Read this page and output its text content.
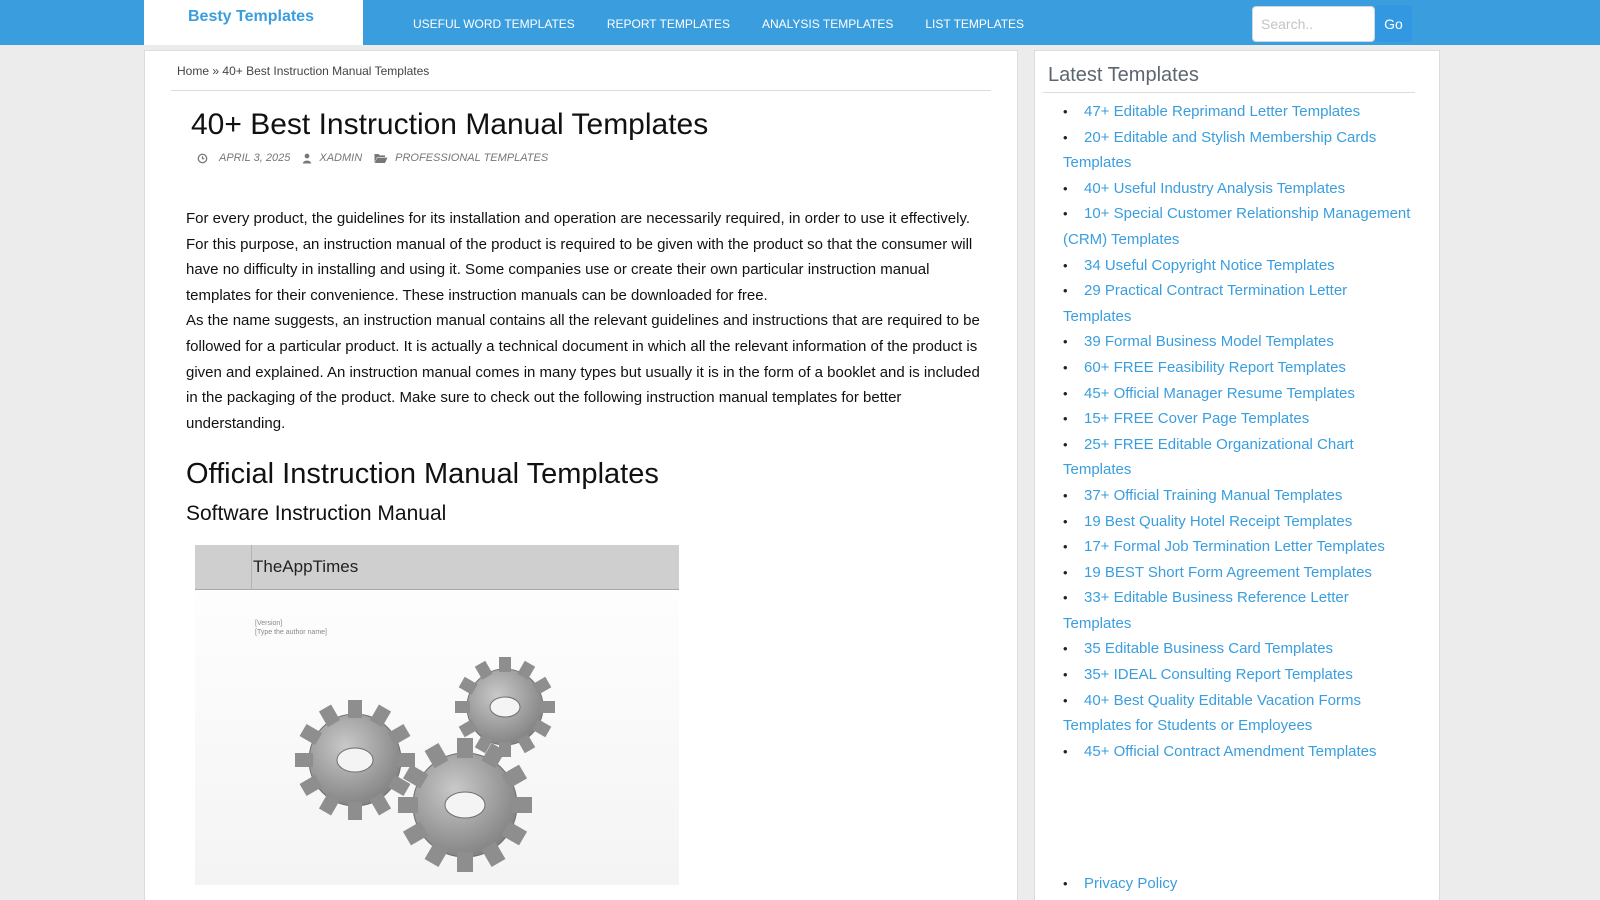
Besty Templates	USEFUL WORD TEMPLATES	REPORT TEMPLATES	ANALYSIS TEMPLATES	LIST TEMPLATES
Search..	Go
Home » 40+ Best Instruction Manual Templates
40+ Best Instruction Manual Templates
APRIL 3, 2025	XADMIN	PROFESSIONAL TEMPLATES

For every product, the guidelines for its installation and operation are necessarily required, in order to use it effectively. For this purpose, an instruction manual of the product is required to be given with the product so that the consumer will have no difficulty in installing and using it. Some companies use or create their own particular instruction manual templates for their convenience. These instruction manuals can be downloaded for free.

As the name suggests, an instruction manual contains all the relevant guidelines and instructions that are required to be followed for a particular product. It is actually a technical document in which all the relevant information of the product is given and explained. An instruction manual comes in many types but usually it is in the form of a booklet and is included in the packaging of the product. Make sure to check out the following instruction manual templates for better understanding.

Official Instruction Manual Templates
Software Instruction Manual
TheAppTimes
[Version]
[Type the author name]
Latest Templates
• 47+ Editable Reprimand Letter Templates
• 20+ Editable and Stylish Membership Cards Templates
• 40+ Useful Industry Analysis Templates
• 10+ Special Customer Relationship Management (CRM) Templates
• 34 Useful Copyright Notice Templates
• 29 Practical Contract Termination Letter Templates
• 39 Formal Business Model Templates
• 60+ FREE Feasibility Report Templates
• 45+ Official Manager Resume Templates
• 15+ FREE Cover Page Templates
• 25+ FREE Editable Organizational Chart Templates
• 37+ Official Training Manual Templates
• 19 Best Quality Hotel Receipt Templates
• 17+ Formal Job Termination Letter Templates
• 19 BEST Short Form Agreement Templates
• 33+ Editable Business Reference Letter Templates
• 35 Editable Business Card Templates
• 35+ IDEAL Consulting Report Templates
• 40+ Best Quality Editable Vacation Forms Templates for Students or Employees
• 45+ Official Contract Amendment Templates
• Privacy Policy
